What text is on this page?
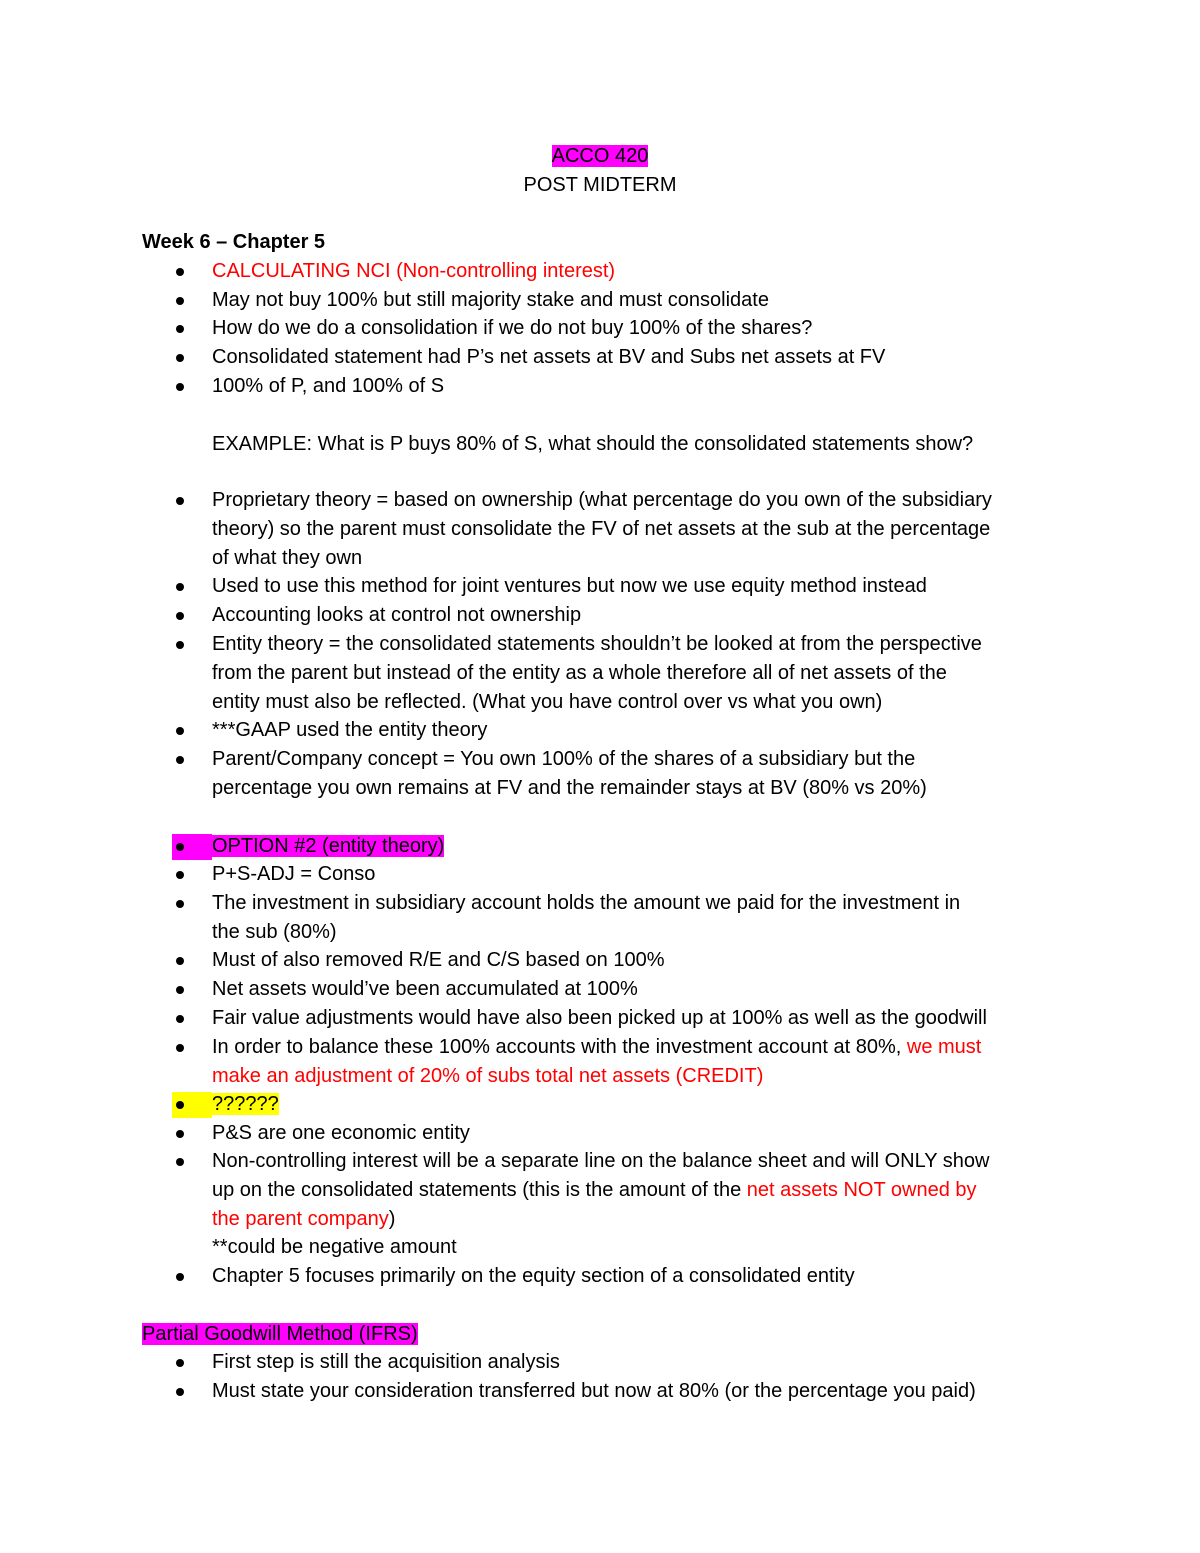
ACCO 420
POST MIDTERM
Week 6 – Chapter 5
CALCULATING NCI (Non-controlling interest)
May not buy 100% but still majority stake and must consolidate
How do we do a consolidation if we do not buy 100% of the shares?
Consolidated statement had P’s net assets at BV and Subs net assets at FV
100% of P, and 100% of S
EXAMPLE: What is P buys 80% of S, what should the consolidated statements show?
Proprietary theory = based on ownership (what percentage do you own of the subsidiary
theory) so the parent must consolidate the FV of net assets at the sub at the percentage
of what they own
Used to use this method for joint ventures but now we use equity method instead
Accounting looks at control not ownership
Entity theory = the consolidated statements shouldn’t be looked at from the perspective
from the parent but instead of the entity as a whole therefore all of net assets of the
entity must also be reflected. (What you have control over vs what you own)
***GAAP used the entity theory
Parent/Company concept = You own 100% of the shares of a subsidiary but the
percentage you own remains at FV and the remainder stays at BV (80% vs 20%)
OPTION #2 (entity theory)
P+S-ADJ = Conso
The investment in subsidiary account holds the amount we paid for the investment in
the sub (80%)
Must of also removed R/E and C/S based on 100%
Net assets would’ve been accumulated at 100%
Fair value adjustments would have also been picked up at 100% as well as the goodwill
In order to balance these 100% accounts with the investment account at 80%, we must
make an adjustment of 20% of subs total net assets (CREDIT)
??????
P&S are one economic entity
Non-controlling interest will be a separate line on the balance sheet and will ONLY show
up on the consolidated statements (this is the amount of the net assets NOT owned by
the parent company)
**could be negative amount
Chapter 5 focuses primarily on the equity section of a consolidated entity
Partial Goodwill Method (IFRS)
First step is still the acquisition analysis
Must state your consideration transferred but now at 80% (or the percentage you paid)
